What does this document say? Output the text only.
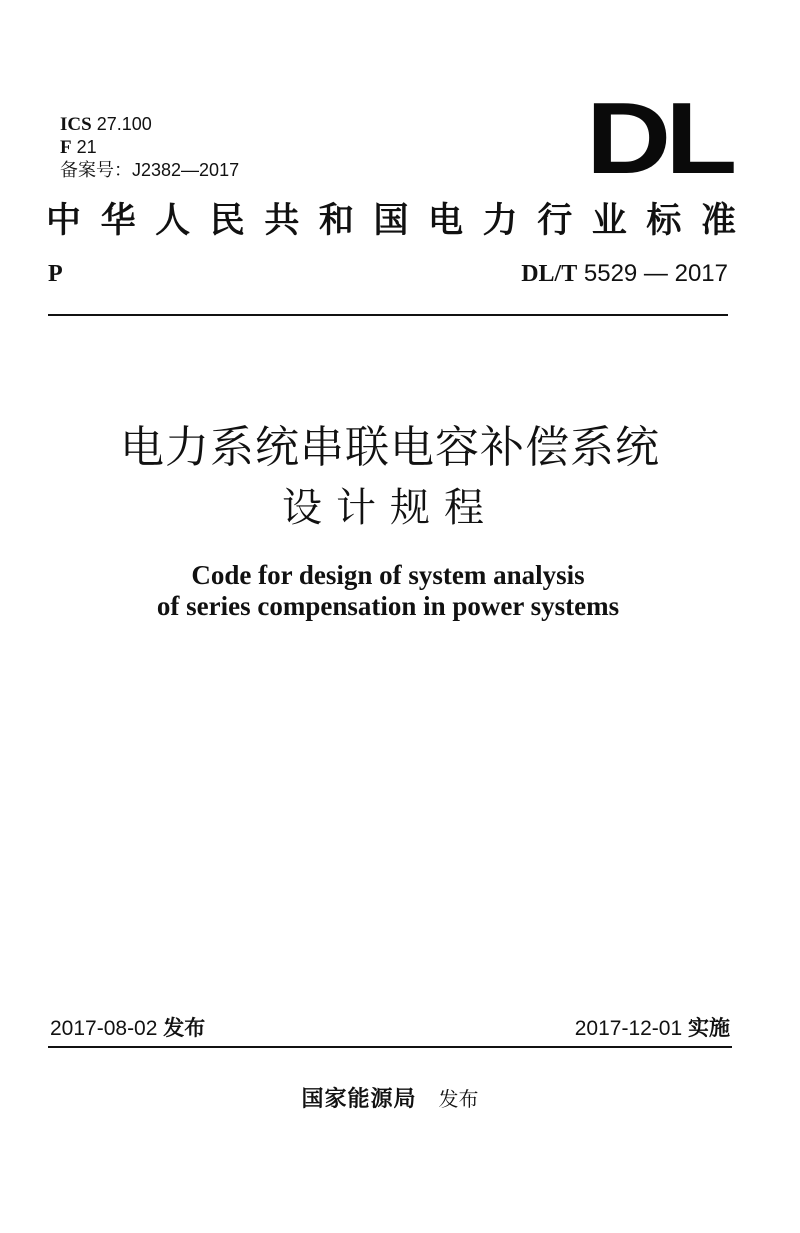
ICS 27.100
F 21
备案号：J2382—2017	DL
中 华 人 民 共 和 国 电 力 行 业 标 准
P	DL/T 5529 — 2017
电力系统串联电容补偿系统
设计规程
Code for design of system analysis
of series compensation in power systems
2017-08-02 发布	2017-12-01 实施
国家能源局 发布
